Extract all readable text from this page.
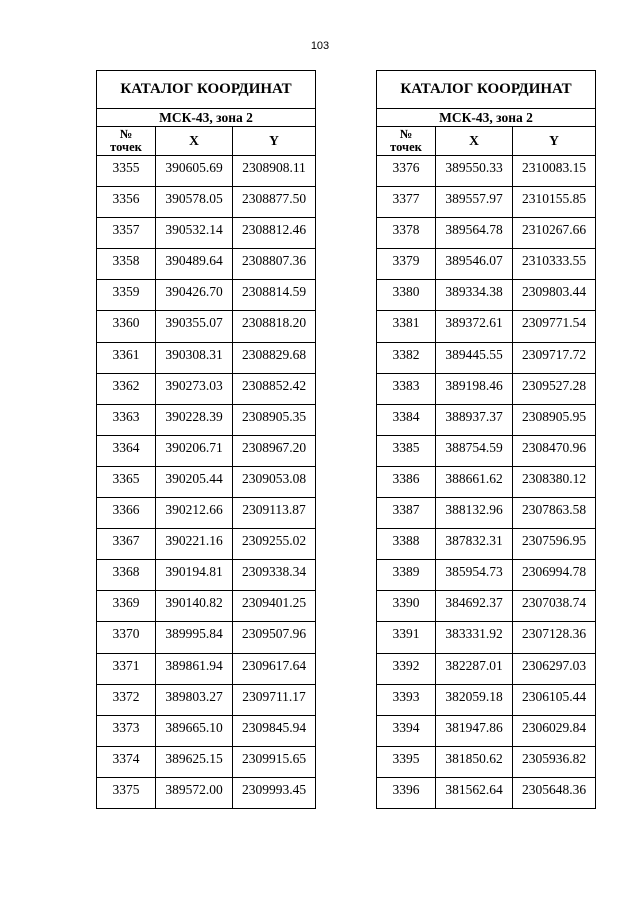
103
КАТАЛОГ КООРДИНАТ		
МСК-43, зона 2		
№
точек	X	Y
3355	390605.69	2308908.11
3356	390578.05	2308877.50
3357	390532.14	2308812.46
3358	390489.64	2308807.36
3359	390426.70	2308814.59
3360	390355.07	2308818.20
3361	390308.31	2308829.68
3362	390273.03	2308852.42
3363	390228.39	2308905.35
3364	390206.71	2308967.20
3365	390205.44	2309053.08
3366	390212.66	2309113.87
3367	390221.16	2309255.02
3368	390194.81	2309338.34
3369	390140.82	2309401.25
3370	389995.84	2309507.96
3371	389861.94	2309617.64
3372	389803.27	2309711.17
3373	389665.10	2309845.94
3374	389625.15	2309915.65
3375	389572.00	2309993.45
КАТАЛОГ КООРДИНАТ		
МСК-43, зона 2		
№
точек	X	Y
3376	389550.33	2310083.15
3377	389557.97	2310155.85
3378	389564.78	2310267.66
3379	389546.07	2310333.55
3380	389334.38	2309803.44
3381	389372.61	2309771.54
3382	389445.55	2309717.72
3383	389198.46	2309527.28
3384	388937.37	2308905.95
3385	388754.59	2308470.96
3386	388661.62	2308380.12
3387	388132.96	2307863.58
3388	387832.31	2307596.95
3389	385954.73	2306994.78
3390	384692.37	2307038.74
3391	383331.92	2307128.36
3392	382287.01	2306297.03
3393	382059.18	2306105.44
3394	381947.86	2306029.84
3395	381850.62	2305936.82
3396	381562.64	2305648.36
